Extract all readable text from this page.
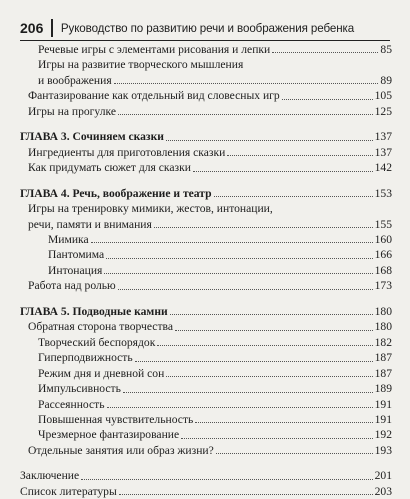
206	Руководство по развитию речи и воображения ребенка
Речевые игры с элементами рисования и лепки	85
Игры на развитие творческого мышления
и воображения	89
Фантазирование как отдельный вид словесных игр	105
Игры на прогулке	125
ГЛАВА 3. Сочиняем сказки	137
Ингредиенты для приготовления сказки	137
Как придумать сюжет для сказки	142
ГЛАВА 4. Речь, воображение и театр	153
Игры на тренировку мимики, жестов, интонации,
речи, памяти и внимания	155
Мимика	160
Пантомима	166
Интонация	168
Работа над ролью	173
ГЛАВА 5. Подводные камни	180
Обратная сторона творчества	180
Творческий беспорядок	182
Гиперподвижность	187
Режим дня и дневной сон	187
Импульсивность	189
Рассеянность	191
Повышенная чувствительность	191
Чрезмерное фантазирование	192
Отдельные занятия или образ жизни?	193
Заключение	201
Список литературы	203
